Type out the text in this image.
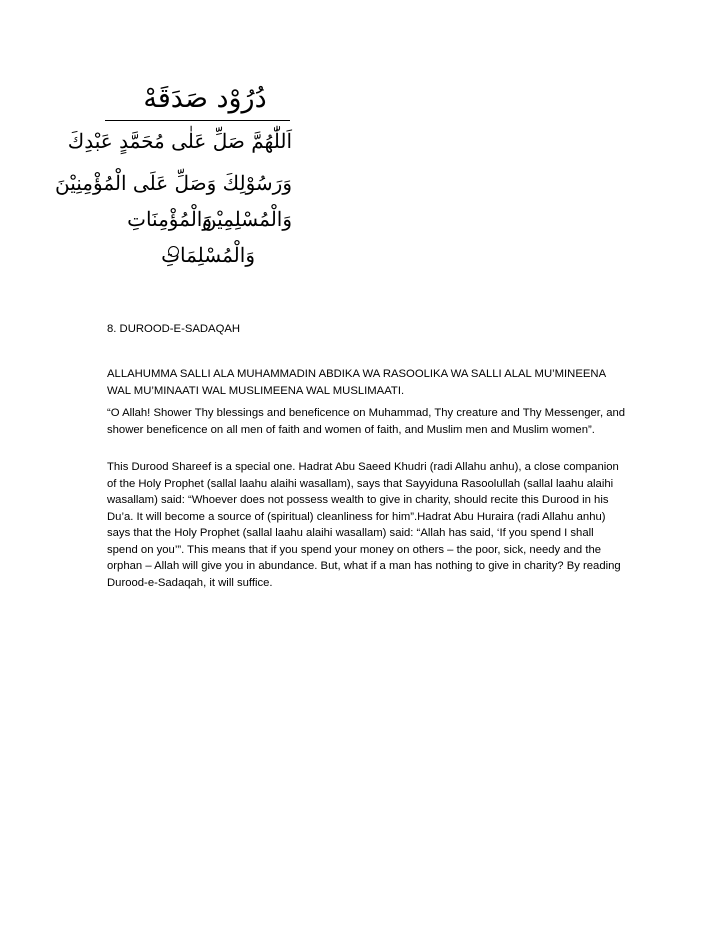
دُرُوْد صَدَقَهْ
اَللّٰهُمَّ صَلِّ عَلٰى مُحَمَّدٍ عَبْدِكَ
وَرَسُوْلِكَ وَصَلِّ عَلَى الْمُؤْمِنِيْنَ
وَالْمُؤْمِنَاتِ
وَالْمُسْلِمِيْنَ
وَالْمُسْلِمَاتِ

8. DUROOD-E-SADAQAH

ALLAHUMMA SALLI ALA MUHAMMADIN ABDIKA WA RASOOLIKA WA SALLI ALAL MU’MINEENA WAL MU’MINAATI WAL MUSLIMEENA WAL MUSLIMAATI.

“O Allah! Shower Thy blessings and beneficence on Muhammad, Thy creature and Thy Messenger, and shower beneficence on all men of faith and women of faith, and Muslim men and Muslim women”.

This Durood Shareef is a special one. Hadrat Abu Saeed Khudri (radi Allahu anhu), a close companion of the Holy Prophet (sallal laahu alaihi wasallam), says that Sayyiduna Rasoolullah (sallal laahu alaihi wasallam) said: “Whoever does not possess wealth to give in charity, should recite this Durood in his Du’a. It will become a source of (spiritual) cleanliness for him”.Hadrat Abu Huraira (radi Allahu anhu) says that the Holy Prophet (sallal laahu alaihi wasallam) said: “Allah has said, ‘If you spend I shall spend on you’”. This means that if you spend your money on others – the poor, sick, needy and the orphan – Allah will give you in abundance. But, what if a man has nothing to give in charity? By reading Durood-e-Sadaqah, it will suffice.
